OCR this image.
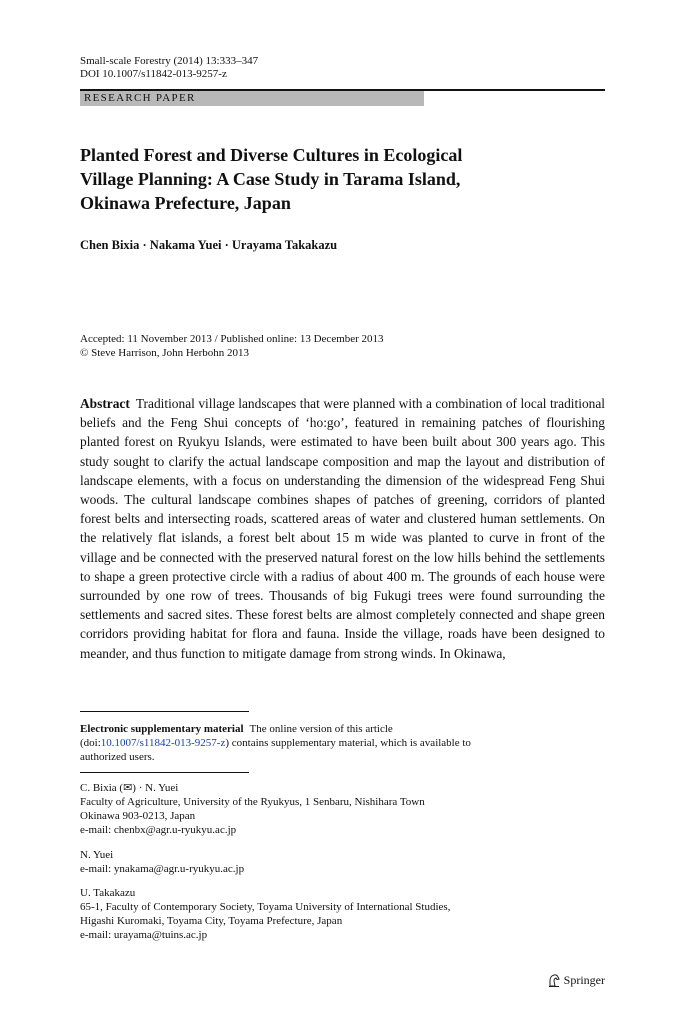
Small-scale Forestry (2014) 13:333–347
DOI 10.1007/s11842-013-9257-z
RESEARCH PAPER
Planted Forest and Diverse Cultures in Ecological
Village Planning: A Case Study in Tarama Island,
Okinawa Prefecture, Japan
Chen Bixia · Nakama Yuei · Urayama Takakazu
Accepted: 11 November 2013 / Published online: 13 December 2013
© Steve Harrison, John Herbohn 2013
Abstract Traditional village landscapes that were planned with a combination of local traditional beliefs and the Feng Shui concepts of ‘ho:go’, featured in remaining patches of flourishing planted forest on Ryukyu Islands, were estimated to have been built about 300 years ago. This study sought to clarify the actual landscape composition and map the layout and distribution of landscape elements, with a focus on understanding the dimension of the widespread Feng Shui woods. The cultural landscape combines shapes of patches of greening, corridors of planted forest belts and intersecting roads, scattered areas of water and clustered human settlements. On the relatively flat islands, a forest belt about 15 m wide was planted to curve in front of the village and be connected with the preserved natural forest on the low hills behind the settlements to shape a green protective circle with a radius of about 400 m. The grounds of each house were surrounded by one row of trees. Thousands of big Fukugi trees were found surrounding the settlements and sacred sites. These forest belts are almost completely connected and shape green corridors providing habitat for flora and fauna. Inside the village, roads have been designed to meander, and thus function to mitigate damage from strong winds. In Okinawa,
Electronic supplementary material The online version of this article
(doi:10.1007/s11842-013-9257-z) contains supplementary material, which is available to
authorized users.
C. Bixia (✉) · N. Yuei
Faculty of Agriculture, University of the Ryukyus, 1 Senbaru, Nishihara Town
Okinawa 903-0213, Japan
e-mail: chenbx@agr.u-ryukyu.ac.jp
N. Yuei
e-mail: ynakama@agr.u-ryukyu.ac.jp
U. Takakazu
65-1, Faculty of Contemporary Society, Toyama University of International Studies,
Higashi Kuromaki, Toyama City, Toyama Prefecture, Japan
e-mail: urayama@tuins.ac.jp
Springer
